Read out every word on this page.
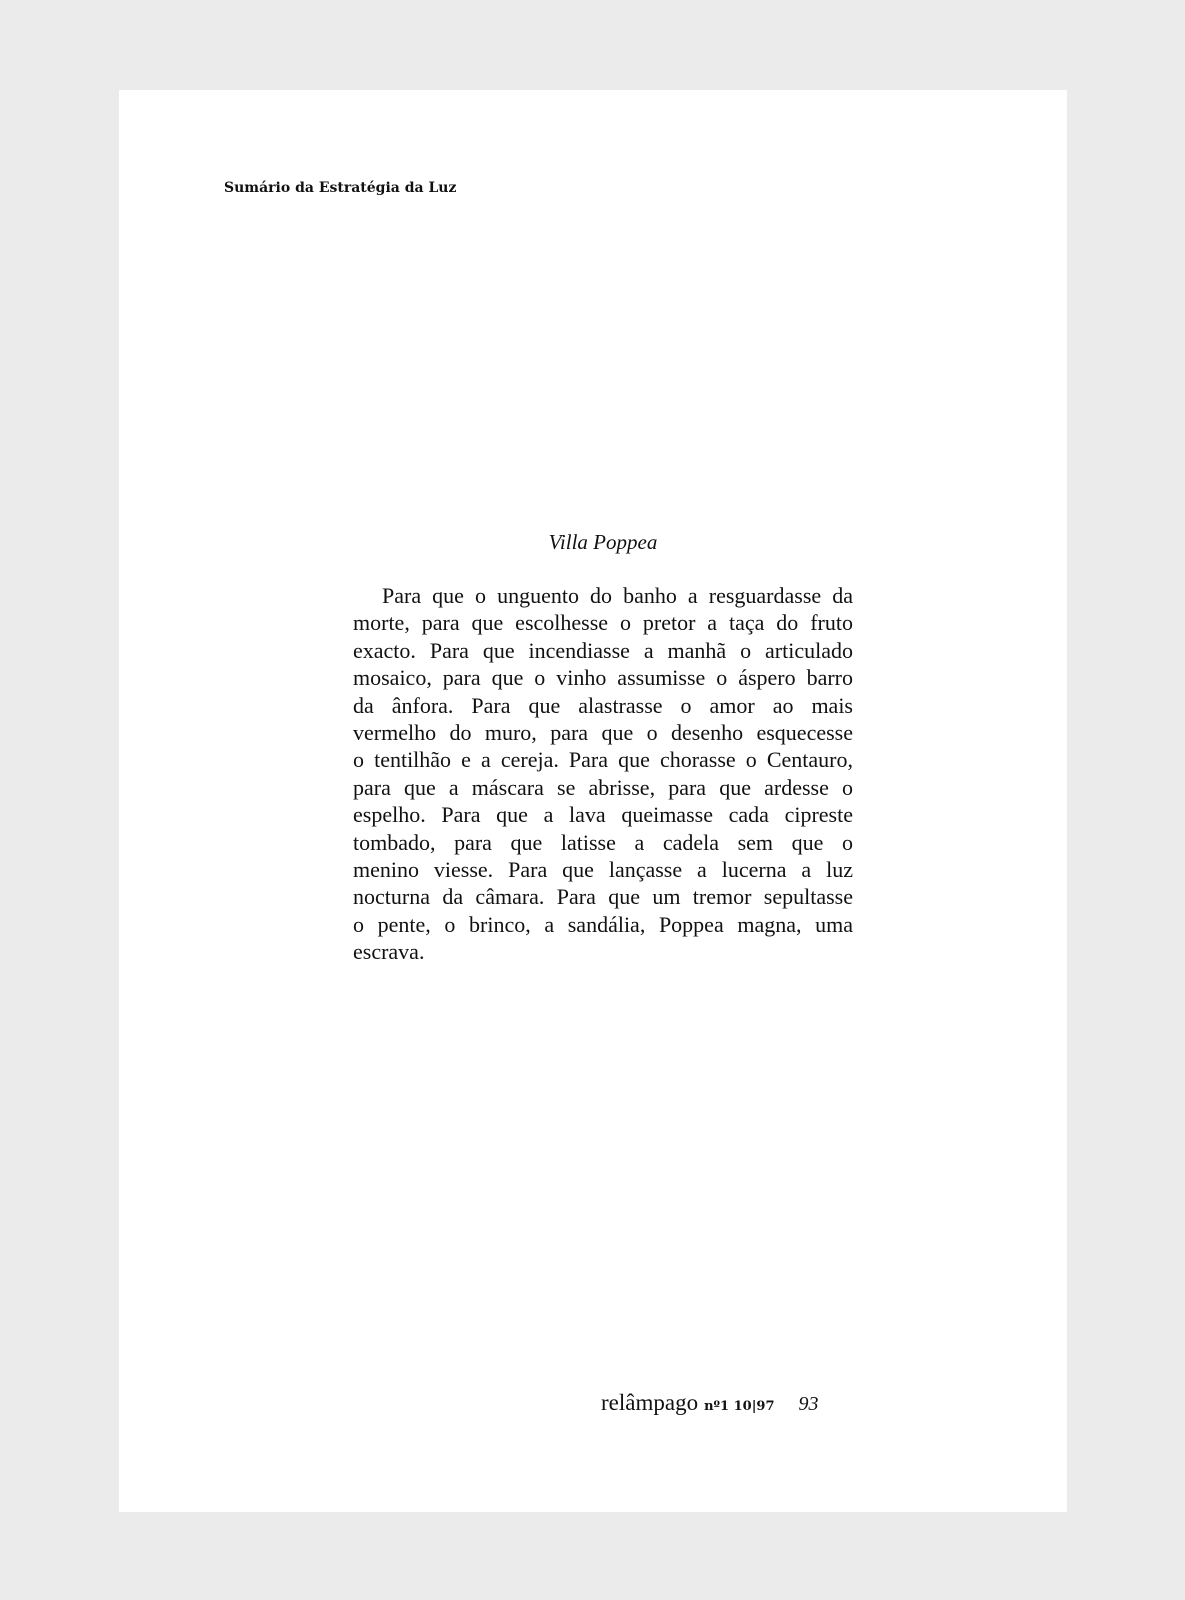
Sumário da Estratégia da Luz
Villa Poppea

Para que o unguento do banho a resguardasse da
morte, para que escolhesse o pretor a taça do fruto
exacto. Para que incendiasse a manhã o articulado
mosaico, para que o vinho assumisse o áspero barro
da ânfora. Para que alastrasse o amor ao mais
vermelho do muro, para que o desenho esquecesse
o tentilhão e a cereja. Para que chorasse o Centauro,
para que a máscara se abrisse, para que ardesse o
espelho. Para que a lava queimasse cada cipreste
tombado, para que latisse a cadela sem que o
menino viesse. Para que lançasse a lucerna a luz
nocturna da câmara. Para que um tremor sepultasse
o pente, o brinco, a sandália, Poppea magna, uma
escrava.

relâmpago nº1 10|97 93
